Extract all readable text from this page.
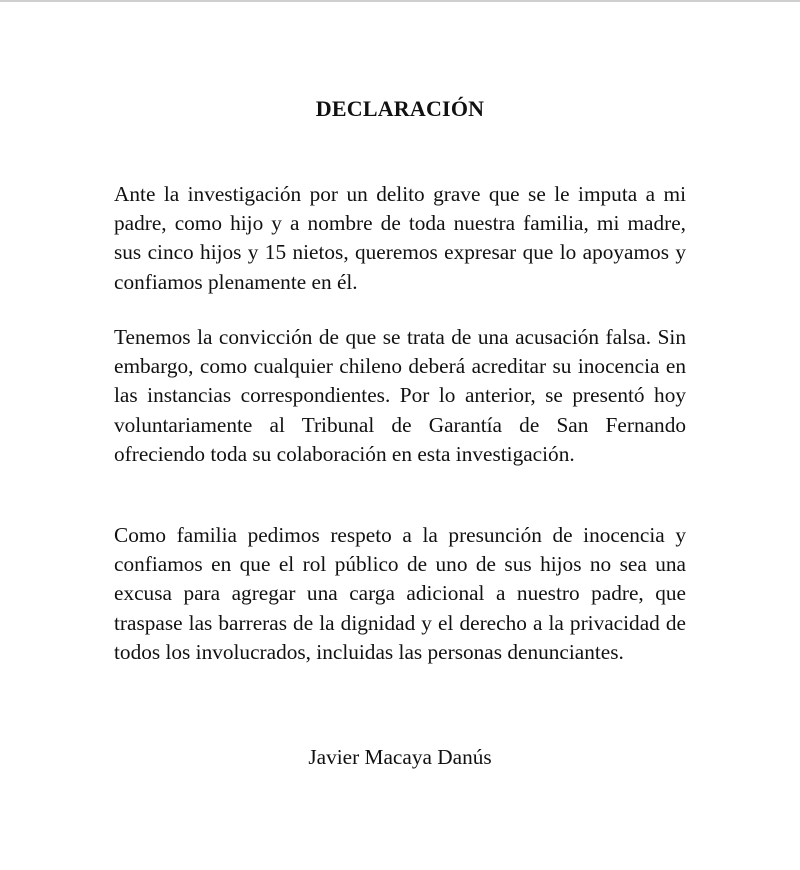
DECLARACIÓN

Ante la investigación por un delito grave que se le imputa a mi padre, como hijo y a nombre de toda nuestra familia, mi madre, sus cinco hijos y 15 nietos, queremos expresar que lo apoyamos y confiamos plenamente en él.

Tenemos la convicción de que se trata de una acusación falsa. Sin embargo, como cualquier chileno deberá acreditar su inocencia en las instancias correspondientes. Por lo anterior, se presentó hoy voluntariamente al Tribunal de Garantía de San Fernando ofreciendo toda su colaboración en esta investigación.

Como familia pedimos respeto a la presunción de inocencia y confiamos en que el rol público de uno de sus hijos no sea una excusa para agregar una carga adicional a nuestro padre, que traspase las barreras de la dignidad y el derecho a la privacidad de todos los involucrados, incluidas las personas denunciantes.

Javier Macaya Danús
